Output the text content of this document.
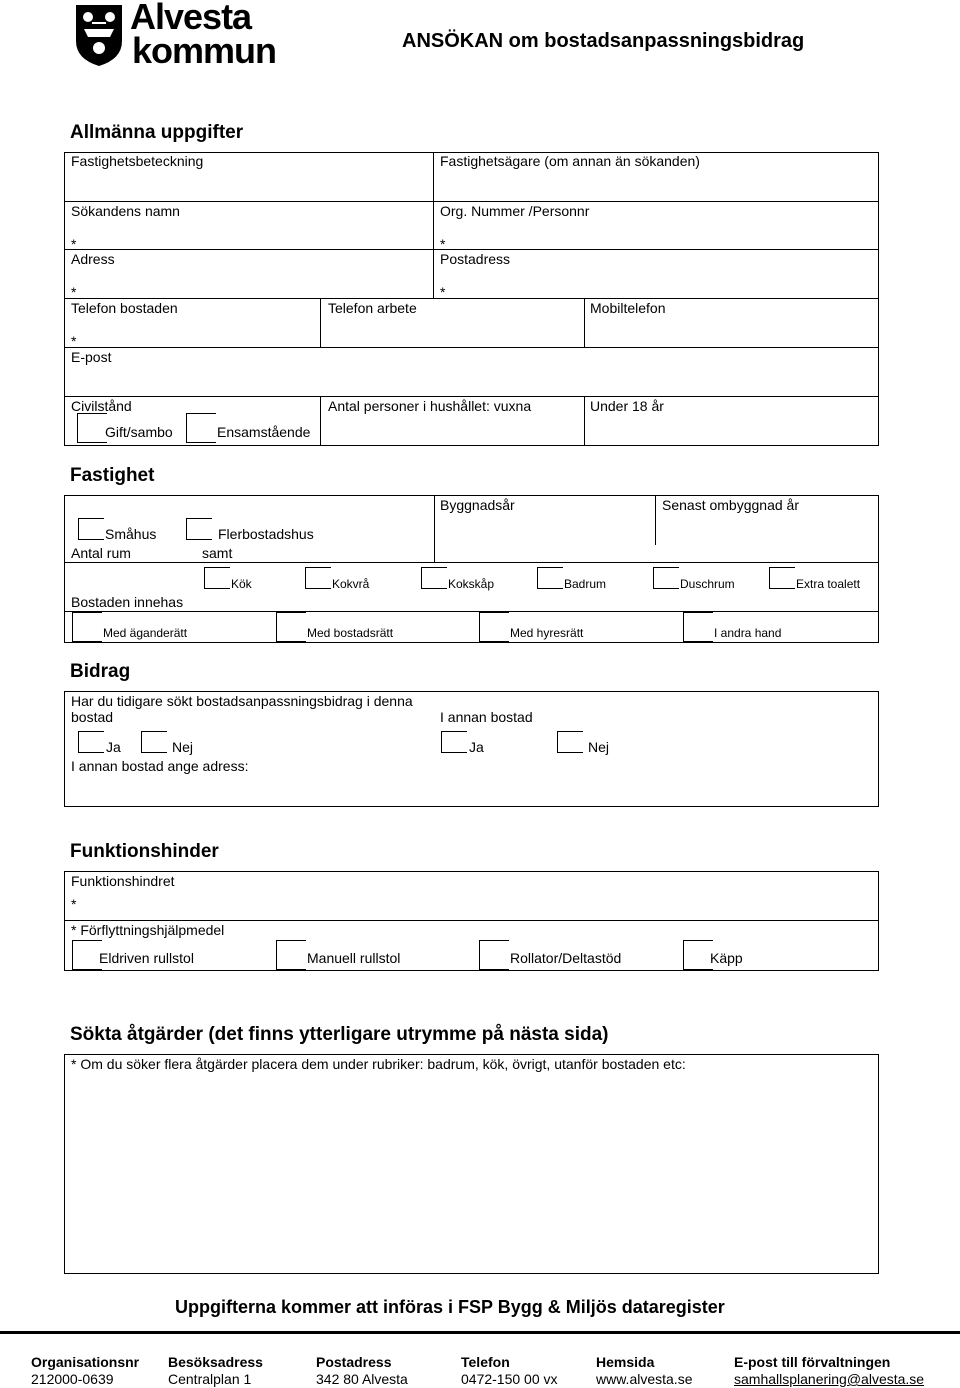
Alvesta
kommun	ANSÖKAN om bostadsanpassningsbidrag
Allmänna uppgifter
Fastighetsbeteckning	Fastighetsägare (om annan än sökanden)
Sökandens namn	Org. Nummer /Personnr
*	*
Adress	Postadress
*	*
Telefon bostaden	Telefon arbete	Mobiltelefon
*
E-post
Civilstånd	Antal personer i hushållet: vuxna	Under 18 år
Gift/sambo	Ensamstående
Fastighet
Byggnadsår	Senast ombyggnad år
Småhus	Flerbostadshus
Antal rum	samt
Bostaden innehas
Kök	Kokvrå	Kokskåp	Badrum	Duschrum	Extra toalett
Med äganderätt	Med bostadsrätt	Med hyresrätt	I andra hand
Bidrag
Har du tidigare sökt bostadsanpassningsbidrag i denna
bostad	I annan bostad
Ja	Nej	Ja	Nej
I annan bostad ange adress:
Funktionshinder
Funktionshindret
*
* Förflyttningshjälpmedel
Eldriven rullstol	Manuell rullstol	Rollator/Deltastöd	Käpp
Sökta åtgärder (det finns ytterligare utrymme på nästa sida)
* Om du söker flera åtgärder placera dem under rubriker: badrum, kök, övrigt, utanför bostaden etc:
Uppgifterna kommer att införas i FSP Bygg & Miljös dataregister
Organisationsnr
212000-0639
Besöksadress
Centralplan 1
Postadress
342 80 Alvesta
Telefon
0472-150 00 vx
Hemsida
www.alvesta.se
E-post till förvaltningen
samhallsplanering@alvesta.se
